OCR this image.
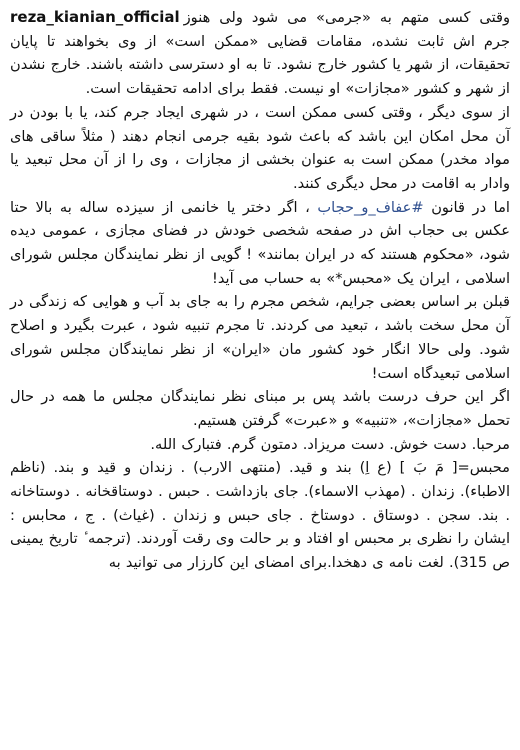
reza_kianian_official وقتی کسی متهم به «جرمی» می شود ولی هنوز جرم اش ثابت نشده، مقامات قضایی «ممکن است» از وی بخواهند تا پایان تحقیقات، از شهر یا کشور خارج نشود. تا به او دسترسی داشته باشند. خارج نشدن از شهر و کشور «مجازات» او نیست. فقط برای ادامه تحقیقات است.

از سوی دیگر ، وقتی کسی ممکن است ، در شهری ایجاد جرم کند، یا با بودن در آن محل امکان این باشد که باعث شود بقیه جرمی انجام دهند ( مثلاً ساقی های مواد مخدر) ممکن است به عنوان بخشی از مجازات ، وی را از آن محل تبعید یا وادار به اقامت در محل دیگری کنند.

اما در قانون #عفاف_و_حجاب ، اگر دختر یا خانمی از سیزده ساله به بالا حتا عکس بی حجاب اش در صفحه شخصی خودش در فضای مجازی ، عمومی دیده شود، «محکوم هستند که در ایران بمانند» ! گویی از نظر نمایندگان مجلس شورای اسلامی ، ایران یک «محبس*» به حساب می آید!

قبلن بر اساس بعضی جرایم، شخص مجرم را به جای بد آب و هوایی که زندگی در آن محل سخت باشد ، تبعید می کردند. تا مجرم تنبیه شود ، عبرت بگیرد و اصلاح شود. ولی حالا انگار خود کشور مان «ایران» از نظر نمایندگان مجلس شورای اسلامی تبعیدگاه است!

اگر این حرف درست باشد پس بر مبنای نظر نمایندگان مجلس ما همه در حال تحمل «مجازات»، «تنبیه» و «عبرت» گرفتن هستیم.

مرحبا. دست خوش. دست مریزاد. دمتون گرم. فتبارک الله.

محبس=[ مَ بَ ] (ع اِ) بند و قید. (منتهی الارب) . زندان و قید و بند. (ناظم الاطباء). زندان . (مهذب الاسماء). جای بازداشت . حبس . دوستاقخانه . دوستاخانه . بند. سجن . دوستاق . دوستاخ . جای حبس و زندان . (غیاث) . ج ، محابس : ایشان را نظری بر محبس او افتاد و بر حالت وی رقت آوردند. (ترجمه ٔ تاریخ یمینی ص 315). لغت نامه ی دهخدا.برای امضای این کارزار می توانید به
